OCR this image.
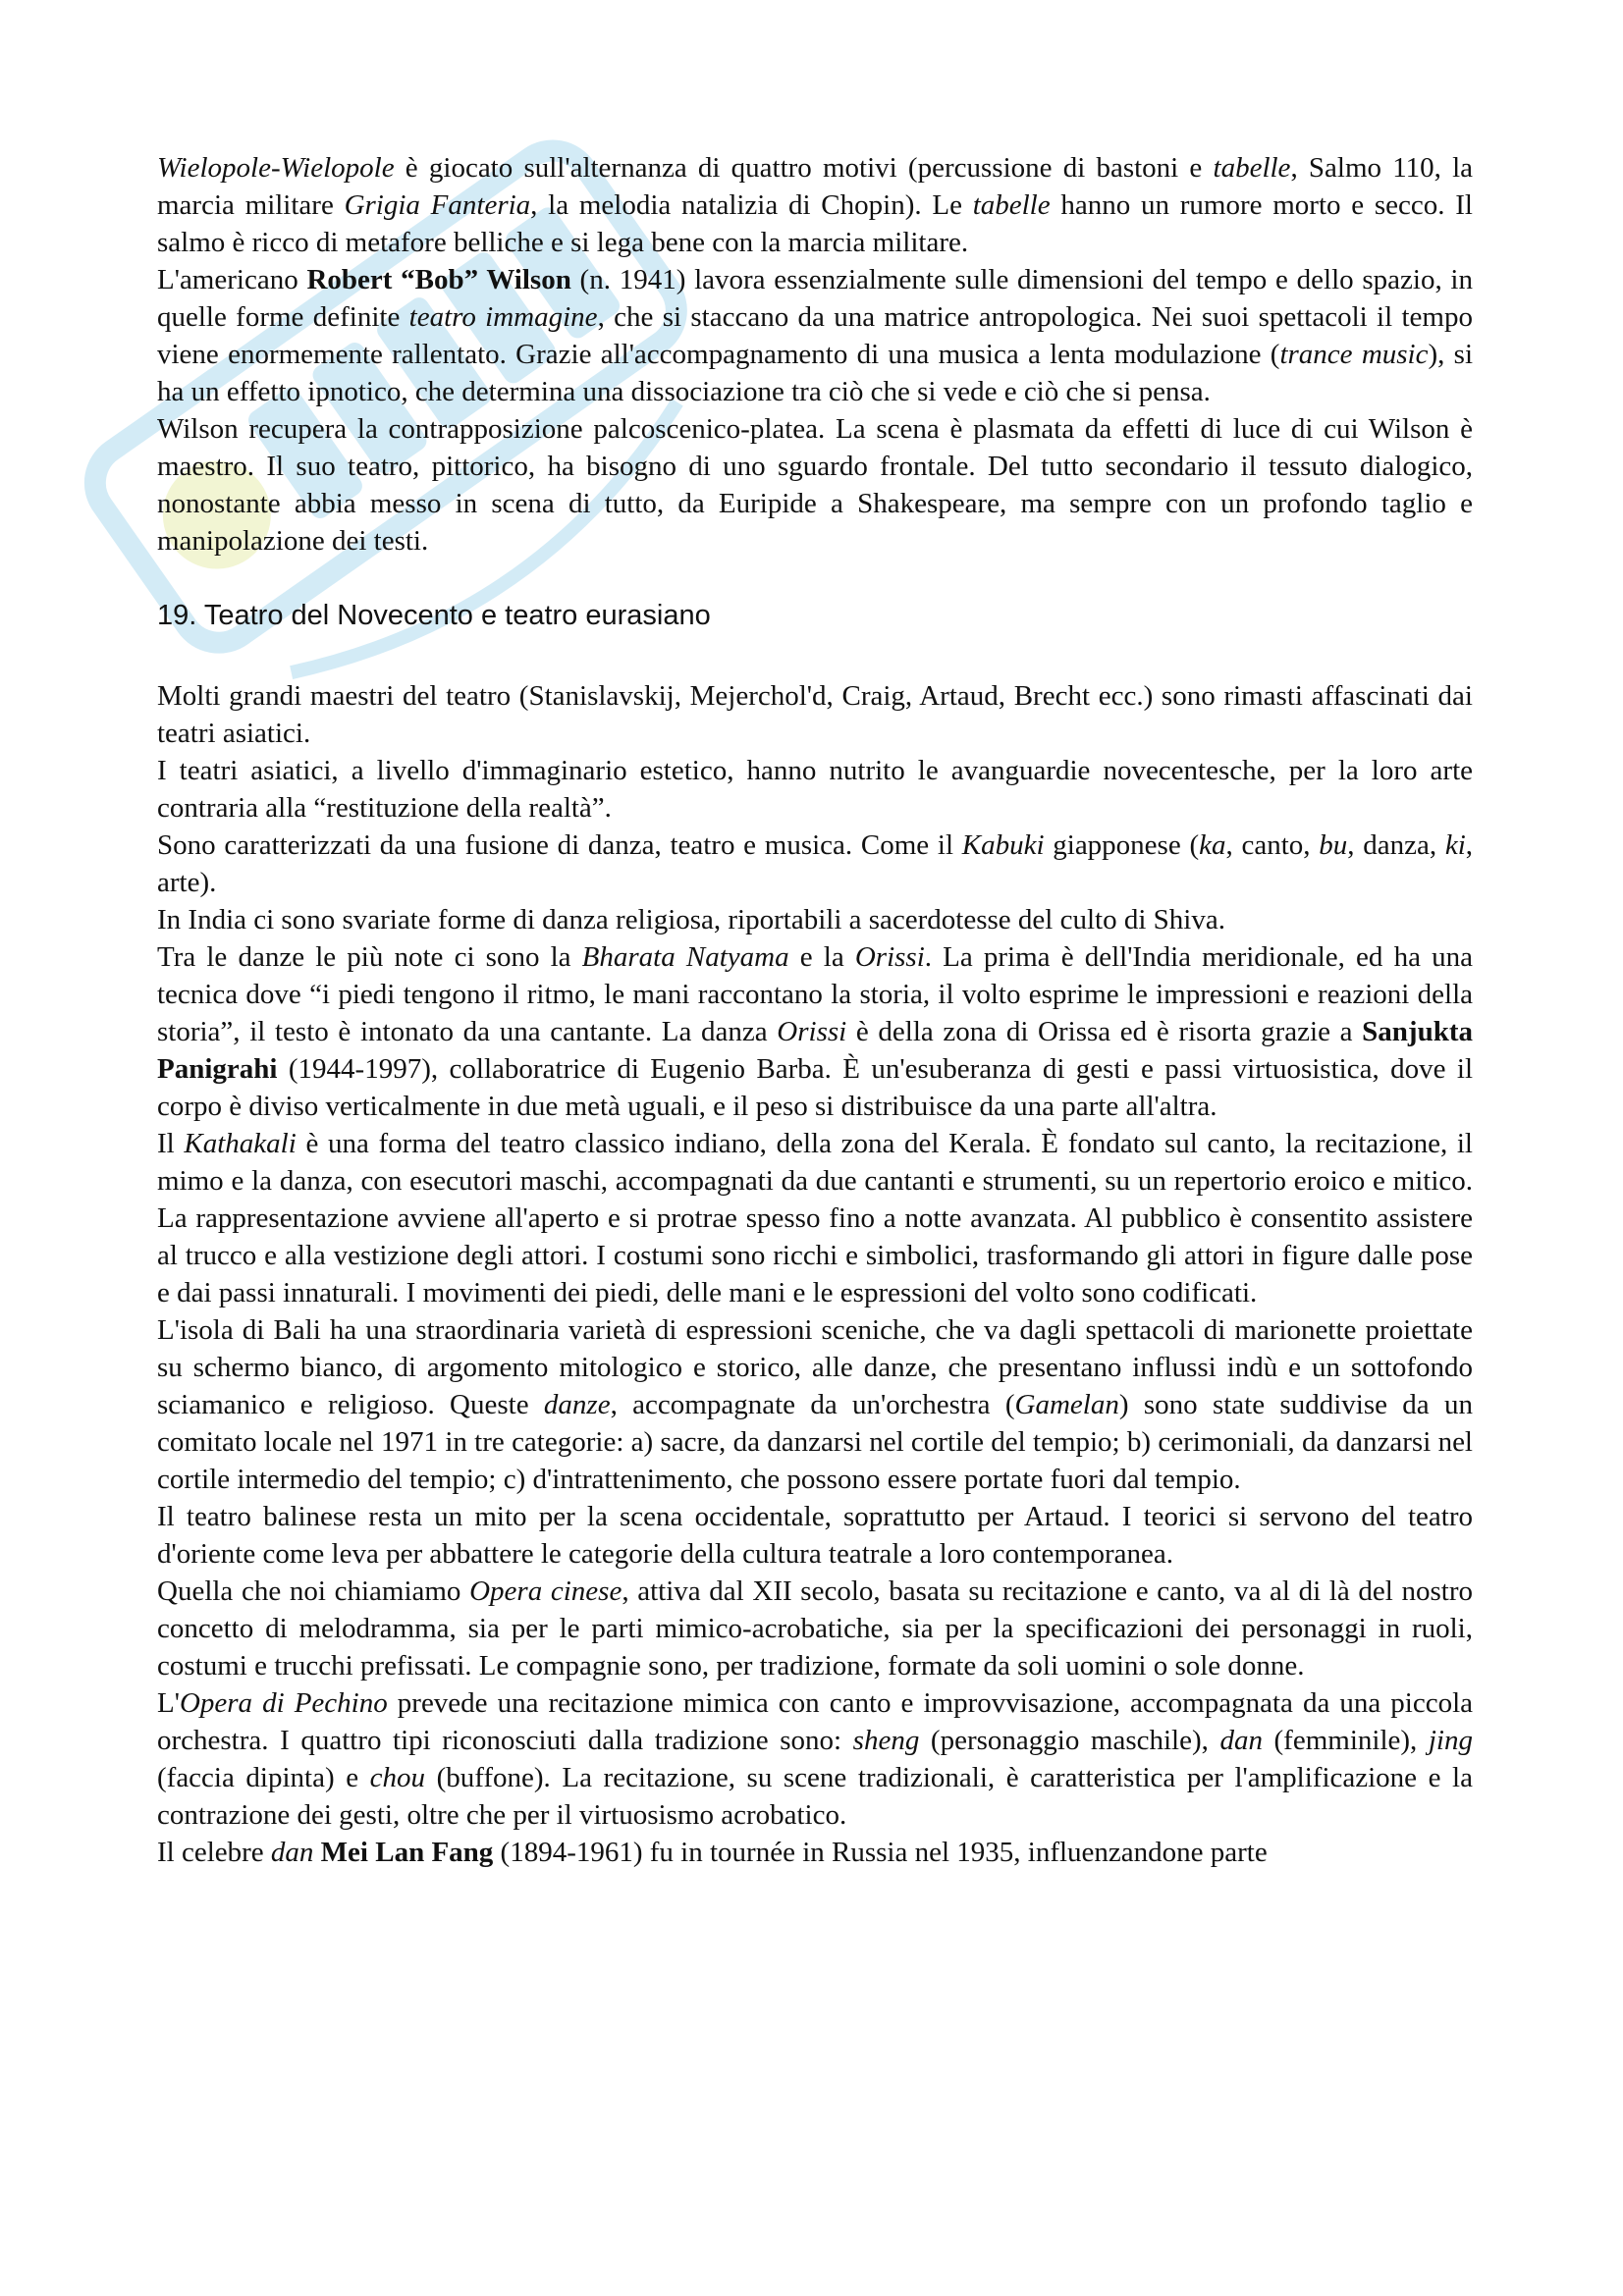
Wielopole-Wielopole è giocato sull'alternanza di quattro motivi (percussione di bastoni e tabelle, Salmo 110, la marcia militare Grigia Fanteria, la melodia natalizia di Chopin). Le tabelle hanno un rumore morto e secco. Il salmo è ricco di metafore belliche e si lega bene con la marcia militare.

L'americano Robert “Bob” Wilson (n. 1941) lavora essenzialmente sulle dimensioni del tempo e dello spazio, in quelle forme definite teatro immagine, che si staccano da una matrice antropologica. Nei suoi spettacoli il tempo viene enormemente rallentato. Grazie all'accompagnamento di una musica a lenta modulazione (trance music), si ha un effetto ipnotico, che determina una dissociazione tra ciò che si vede e ciò che si pensa.

Wilson recupera la contrapposizione palcoscenico-platea. La scena è plasmata da effetti di luce di cui Wilson è maestro. Il suo teatro, pittorico, ha bisogno di uno sguardo frontale. Del tutto secondario il tessuto dialogico, nonostante abbia messo in scena di tutto, da Euripide a Shakespeare, ma sempre con un profondo taglio e manipolazione dei testi.

19. Teatro del Novecento e teatro eurasiano

Molti grandi maestri del teatro (Stanislavskij, Mejerchol'd, Craig, Artaud, Brecht ecc.) sono rimasti affascinati dai teatri asiatici.

I teatri asiatici, a livello d'immaginario estetico, hanno nutrito le avanguardie novecentesche, per la loro arte contraria alla “restituzione della realtà”.

Sono caratterizzati da una fusione di danza, teatro e musica. Come il Kabuki giapponese (ka, canto, bu, danza, ki, arte).

In India ci sono svariate forme di danza religiosa, riportabili a sacerdotesse del culto di Shiva.

Tra le danze le più note ci sono la Bharata Natyama e la Orissi. La prima è dell'India meridionale, ed ha una tecnica dove “i piedi tengono il ritmo, le mani raccontano la storia, il volto esprime le impressioni e reazioni della storia”, il testo è intonato da una cantante. La danza Orissi è della zona di Orissa ed è risorta grazie a Sanjukta Panigrahi (1944-1997), collaboratrice di Eugenio Barba. È un'esuberanza di gesti e passi virtuosistica, dove il corpo è diviso verticalmente in due metà uguali, e il peso si distribuisce da una parte all'altra.

Il Kathakali è una forma del teatro classico indiano, della zona del Kerala. È fondato sul canto, la recitazione, il mimo e la danza, con esecutori maschi, accompagnati da due cantanti e strumenti, su un repertorio eroico e mitico. La rappresentazione avviene all'aperto e si protrae spesso fino a notte avanzata. Al pubblico è consentito assistere al trucco e alla vestizione degli attori. I costumi sono ricchi e simbolici, trasformando gli attori in figure dalle pose e dai passi innaturali. I movimenti dei piedi, delle mani e le espressioni del volto sono codificati.

L'isola di Bali ha una straordinaria varietà di espressioni sceniche, che va dagli spettacoli di marionette proiettate su schermo bianco, di argomento mitologico e storico, alle danze, che presentano influssi indù e un sottofondo sciamanico e religioso. Queste danze, accompagnate da un'orchestra (Gamelan) sono state suddivise da un comitato locale nel 1971 in tre categorie: a) sacre, da danzarsi nel cortile del tempio; b) cerimoniali, da danzarsi nel cortile intermedio del tempio; c) d'intrattenimento, che possono essere portate fuori dal tempio.

Il teatro balinese resta un mito per la scena occidentale, soprattutto per Artaud. I teorici si servono del teatro d'oriente come leva per abbattere le categorie della cultura teatrale a loro contemporanea.

Quella che noi chiamiamo Opera cinese, attiva dal XII secolo, basata su recitazione e canto, va al di là del nostro concetto di melodramma, sia per le parti mimico-acrobatiche, sia per la specificazioni dei personaggi in ruoli, costumi e trucchi prefissati. Le compagnie sono, per tradizione, formate da soli uomini o sole donne.

L'Opera di Pechino prevede una recitazione mimica con canto e improvvisazione, accompagnata da una piccola orchestra. I quattro tipi riconosciuti dalla tradizione sono: sheng (personaggio maschile), dan (femminile), jing (faccia dipinta) e chou (buffone). La recitazione, su scene tradizionali, è caratteristica per l'amplificazione e la contrazione dei gesti, oltre che per il virtuosismo acrobatico.

Il celebre dan Mei Lan Fang (1894-1961) fu in tournée in Russia nel 1935, influenzandone parte
